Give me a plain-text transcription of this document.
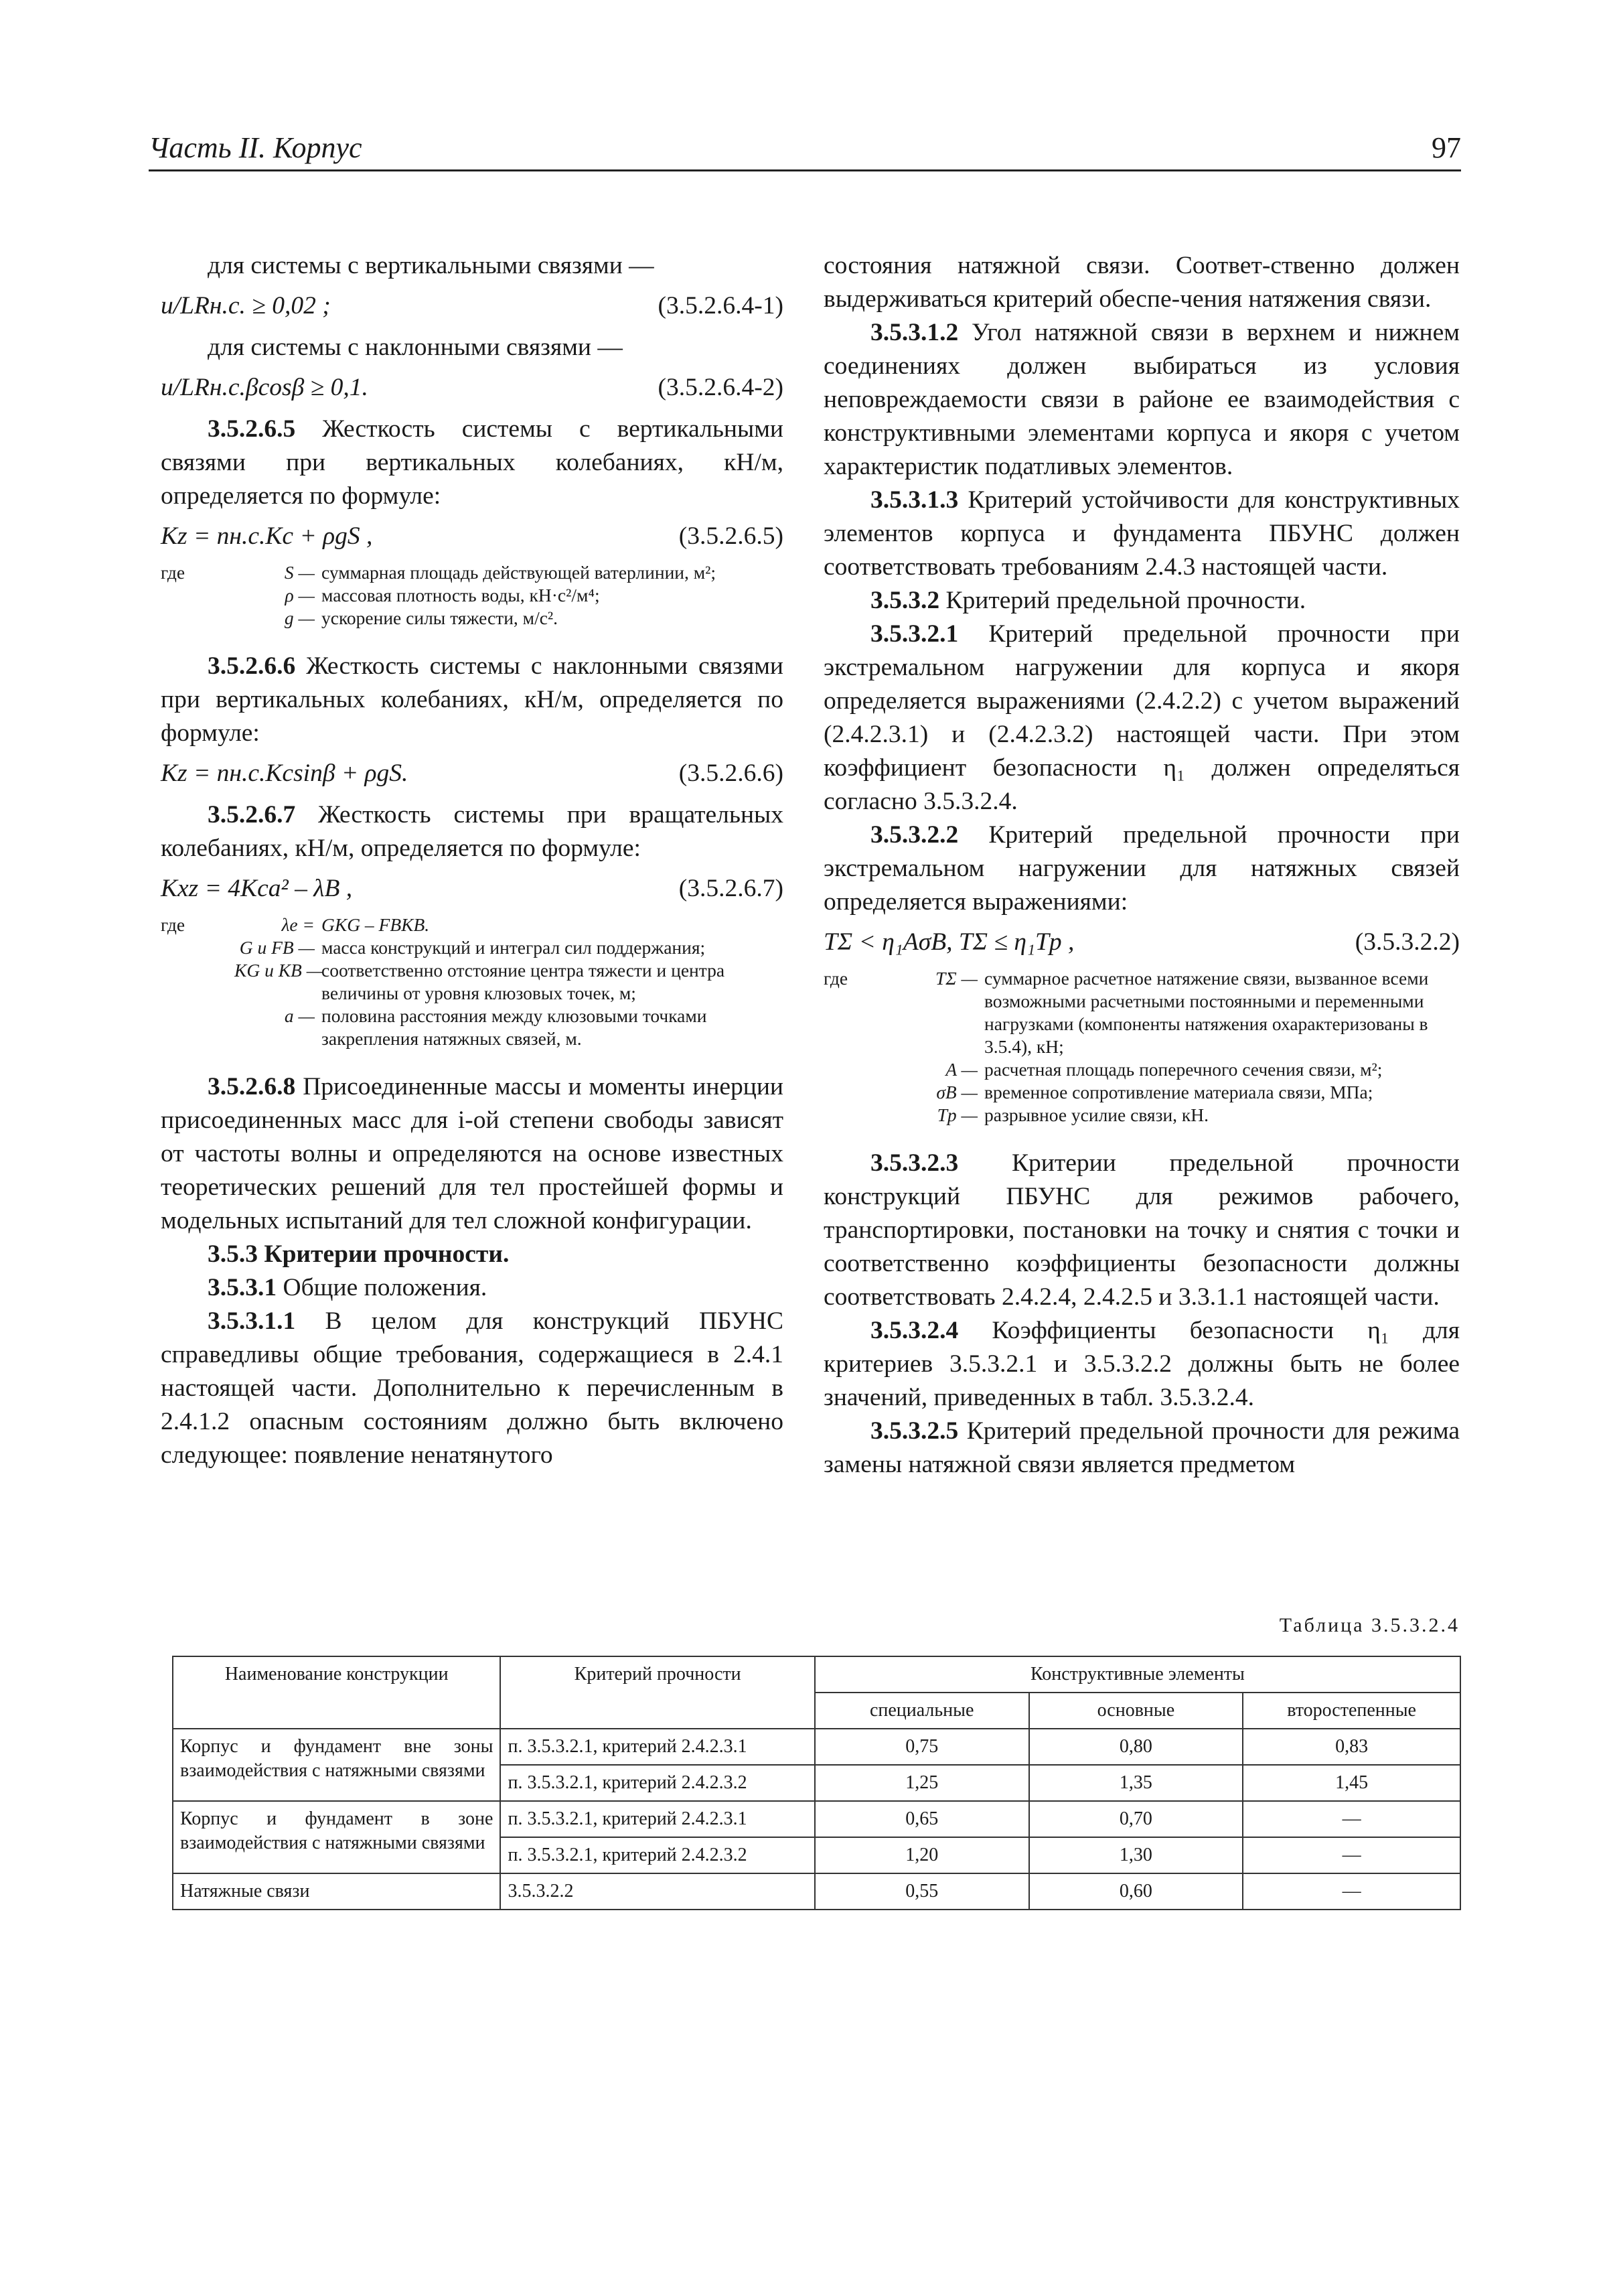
Часть II. Корпус	97

для системы с вертикальными связями —

u/LRн.с. ≥ 0,02 ;	(3.5.2.6.4-1)

для системы с наклонными связями —

u/LRн.с.βcosβ ≥ 0,1.	(3.5.2.6.4-2)

3.5.2.6.5 Жесткость системы с вертикальными связями при вертикальных колебаниях, кН/м, определяется по формуле:

Kz = nн.с.Kc + ρgS ,	(3.5.2.6.5)
где	S — суммарная площадь действующей ватерлинии, м²;
ρ — массовая плотность воды, кН·с²/м⁴;
g — ускорение силы тяжести, м/с².

3.5.2.6.6 Жесткость системы с наклонными связями при вертикальных колебаниях, кН/м, определяется по формуле:

Kz = nн.с.Kcsinβ + ρgS.	(3.5.2.6.6)

3.5.2.6.7 Жесткость системы при вращательных колебаниях, кН/м, определяется по формуле:

Kxz = 4Kca² – λB ,	(3.5.2.6.7)
где	λe = GKG – FBKB.
G и FB — масса конструкций и интеграл сил поддержания;
KG и KB —
соответственно отстояние центра тяжести и центра величины от уровня клюзовых точек, м;
a — половина расстояния между клюзовыми точками закрепления натяжных связей, м.

3.5.2.6.8 Присоединенные массы и моменты инерции присоединенных масс для i-ой степени свободы зависят от частоты волны и определяются на основе известных теоретических решений для тел простейшей формы и модельных испытаний для тел сложной конфигурации.

3.5.3 Критерии прочности.

3.5.3.1 Общие положения.

3.5.3.1.1 В целом для конструкций ПБУНС справедливы общие требования, содержащиеся в 2.4.1 настоящей части. Дополнительно к перечисленным в 2.4.1.2 опасным состояниям должно быть включено следующее: появление ненатянутого

состояния натяжной связи. Соответ-ственно должен выдерживаться критерий обеспе-чения натяжения связи.

3.5.3.1.2 Угол натяжной связи в верхнем и нижнем соединениях должен выбираться из условия неповреждаемости связи в районе ее взаимодействия с конструктивными элементами корпуса и якоря с учетом характеристик податливых элементов.

3.5.3.1.3 Критерий устойчивости для конструктивных элементов корпуса и фундамента ПБУНС должен соответствовать требованиям 2.4.3 настоящей части.

3.5.3.2 Критерий предельной прочности.

3.5.3.2.1 Критерий предельной прочности при экстремальном нагружении для корпуса и якоря определяется выражениями (2.4.2.2) с учетом выражений (2.4.2.3.1) и (2.4.2.3.2) настоящей части. При этом коэффициент безопасности η₁ должен определяться согласно 3.5.3.2.4.

3.5.3.2.2 Критерий предельной прочности при экстремальном нагружении для натяжных связей определяется выражениями:

TΣ < η₁AσB, TΣ ≤ η₁Tp ,	(3.5.3.2.2)
где	TΣ — суммарное расчетное натяжение связи, вызванное всеми возможными расчетными постоянными и переменными нагрузками (компоненты натяжения охарактеризованы в 3.5.4), кН;
A — расчетная площадь поперечного сечения связи, м²;
σB — временное сопротивление материала связи, МПа;
Tp — разрывное усилие связи, кН.

3.5.3.2.3 Критерии предельной прочности конструкций ПБУНС для режимов рабочего, транспортировки, постановки на точку и снятия с точки и соответственно коэффициенты безопасности должны соответствовать 2.4.2.4, 2.4.2.5 и 3.3.1.1 настоящей части.

3.5.3.2.4 Коэффициенты безопасности η₁ для критериев 3.5.3.2.1 и 3.5.3.2.2 должны быть не более значений, приведенных в табл. 3.5.3.2.4.

3.5.3.2.5 Критерий предельной прочности для режима замены натяжной связи является предметом

Таблица 3.5.3.2.4
Наименование конструкции	Критерий прочности	Конструктивные элементы		
		специальные	основные	второстепенные
Корпус и фундамент вне зоны взаимодействия с натяжными связями	п. 3.5.3.2.1, критерий 2.4.2.3.1	0,75	0,80	0,83
	п. 3.5.3.2.1, критерий 2.4.2.3.2	1,25	1,35	1,45
Корпус и фундамент в зоне взаимодействия с натяжными связями	п. 3.5.3.2.1, критерий 2.4.2.3.1	0,65	0,70	—
	п. 3.5.3.2.1, критерий 2.4.2.3.2	1,20	1,30	—
Натяжные связи	3.5.3.2.2	0,55	0,60	—
